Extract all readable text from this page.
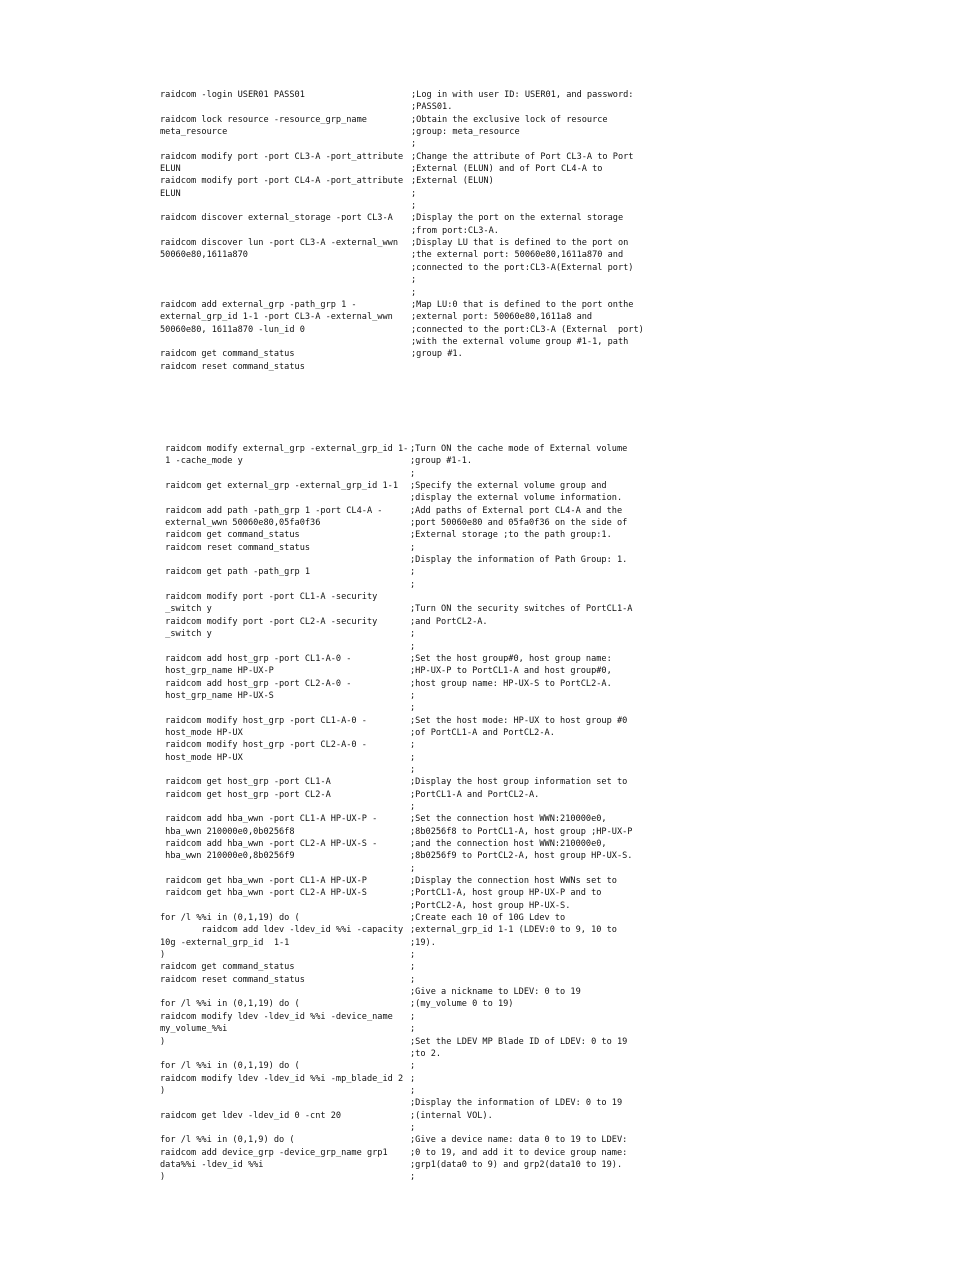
raidcom -login USER01 PASS01	;Log in with user ID: USER01, and password:
;PASS01.
raidcom lock resource -resource_grp_name	;Obtain the exclusive lock of resource
meta_resource	;group: meta_resource
;
raidcom modify port -port CL3-A -port_attribute ;Change the attribute of Port CL3-A to Port
ELUN	;External (ELUN) and of Port CL4-A to
raidcom modify port -port CL4-A -port_attribute ;External (ELUN)
ELUN	;
;
raidcom discover external_storage -port CL3-A ;Display the port on the external storage
;from port:CL3-A.
raidcom discover lun -port CL3-A -external_wwn ;Display LU that is defined to the port on
50060e80,1611a870	;the external port: 50060e80,1611a870 and
;connected to the port:CL3-A(External port)
;
;
raidcom add external_grp -path_grp 1 -	;Map LU:0 that is defined to the port onthe
external_grp_id 1-1 -port CL3-A -external_wwn ;external port: 50060e80,1611a8 and
50060e80, 1611a870 -lun_id 0	;connected to the port:CL3-A (External  port)
;with the external volume group #1-1, path
raidcom get command_status	;group #1.
raidcom reset command_status
raidcom modify external_grp -external_grp_id 1- ;Turn ON the cache mode of External volume
1 -cache_mode y	;group #1-1.
;
raidcom get external_grp -external_grp_id 1-1 ;Specify the external volume group and
;display the external volume information.
raidcom add path -path_grp 1 -port CL4-A -	;Add paths of External port CL4-A and the
external_wwn 50060e80,05fa0f36	;port 50060e80 and 05fa0f36 on the side of
raidcom get command_status	;External storage ;to the path group:1.
raidcom reset command_status	;
;Display the information of Path Group: 1.
raidcom get path -path_grp 1	;
;
raidcom modify port -port CL1-A -security
_switch y	;Turn ON the security switches of PortCL1-A
raidcom modify port -port CL2-A -security	;and PortCL2-A.
_switch y	;
;
raidcom add host_grp -port CL1-A-0 -	;Set the host group#0, host group name:
host_grp_name HP-UX-P	;HP-UX-P to PortCL1-A and host group#0,
raidcom add host_grp -port CL2-A-0 -	;host group name: HP-UX-S to PortCL2-A.
host_grp_name HP-UX-S	;
;
raidcom modify host_grp -port CL1-A-0 -	;Set the host mode: HP-UX to host group #0
host_mode HP-UX	;of PortCL1-A and PortCL2-A.
raidcom modify host_grp -port CL2-A-0 -	;
host_mode HP-UX	;
;
raidcom get host_grp -port CL1-A	;Display the host group information set to
raidcom get host_grp -port CL2-A	;PortCL1-A and PortCL2-A.
;
raidcom add hba_wwn -port CL1-A HP-UX-P -	;Set the connection host WWN:210000e0,
hba_wwn 210000e0,0b0256f8	;8b0256f8 to PortCL1-A, host group ;HP-UX-P
raidcom add hba_wwn -port CL2-A HP-UX-S -	;and the connection host WWN:210000e0,
hba_wwn 210000e0,8b0256f9	;8b0256f9 to PortCL2-A, host group HP-UX-S.
;
raidcom get hba_wwn -port CL1-A HP-UX-P	;Display the connection host WWNs set to
raidcom get hba_wwn -port CL2-A HP-UX-S	;PortCL1-A, host group HP-UX-P and to
;PortCL2-A, host group HP-UX-S.
for /l %%i in (0,1,19) do (	;Create each 10 of 10G Ldev to
raidcom add ldev -ldev_id %%i -capacity ;external_grp_id 1-1 (LDEV:0 to 9, 10 to
10g -external_grp_id  1-1	;19).
)	;
raidcom get command_status	;
raidcom reset command_status	;
;Give a nickname to LDEV: 0 to 19
for /l %%i in (0,1,19) do (	;(my_volume 0 to 19)
raidcom modify ldev -ldev_id %%i -device_name ;
my_volume_%%i	;
)	;Set the LDEV MP Blade ID of LDEV: 0 to 19
;to 2.
for /l %%i in (0,1,19) do (	;
raidcom modify ldev -ldev_id %%i -mp_blade_id 2 ;
)	;
;Display the information of LDEV: 0 to 19
raidcom get ldev -ldev_id 0 -cnt 20	;(internal VOL).
;
for /l %%i in (0,1,9) do (	;Give a device name: data 0 to 19 to LDEV:
raidcom add device_grp -device_grp_name grp1	;0 to 19, and add it to device group name:
data%%i -ldev_id %%i	;grp1(data0 to 9) and grp2(data10 to 19).
)	;
